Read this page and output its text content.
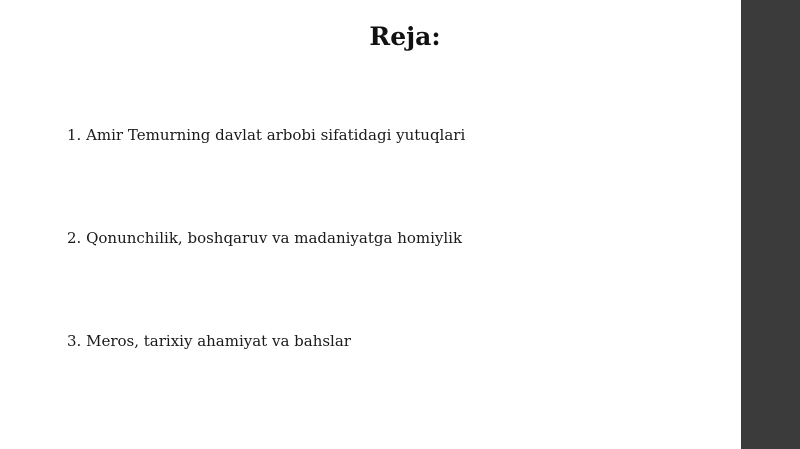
Reja:
1. Amir Temurning davlat arbobi sifatidagi yutuqlari
2. Qonunchilik, boshqaruv va madaniyatga homiylik
3. Meros, tarixiy ahamiyat va bahslar
